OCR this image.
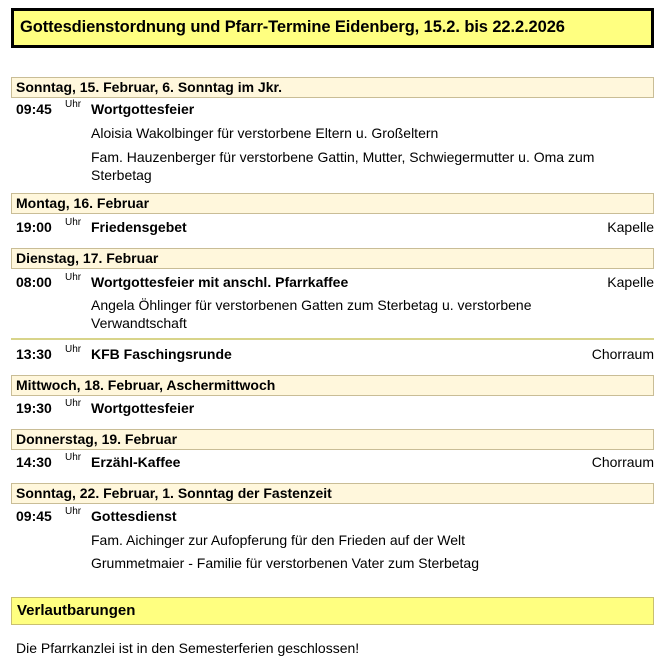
Gottesdienstordnung und Pfarr-Termine Eidenberg, 15.2. bis 22.2.2026
Sonntag, 15. Februar, 6. Sonntag im Jkr.
09:45 Uhr Wortgottesfeier
Aloisia Wakolbinger für verstorbene Eltern u. Großeltern
Fam. Hauzenberger für verstorbene Gattin, Mutter, Schwiegermutter u. Oma zum Sterbetag
Montag, 16. Februar
19:00 Uhr Friedensgebet	Kapelle
Dienstag, 17. Februar
08:00 Uhr Wortgottesfeier mit anschl. Pfarrkaffee	Kapelle
Angela Öhlinger für verstorbenen Gatten zum Sterbetag u. verstorbene Verwandtschaft
13:30 Uhr KFB Faschingsrunde	Chorraum
Mittwoch, 18. Februar, Aschermittwoch
19:30 Uhr Wortgottesfeier
Donnerstag, 19. Februar
14:30 Uhr Erzähl-Kaffee	Chorraum
Sonntag, 22. Februar, 1. Sonntag der Fastenzeit
09:45 Uhr Gottesdienst
Fam. Aichinger zur Aufopferung für den Frieden auf der Welt
Grummetmaier - Familie für verstorbenen Vater zum Sterbetag
Verlautbarungen
Die Pfarrkanzlei ist in den Semesterferien geschlossen!
